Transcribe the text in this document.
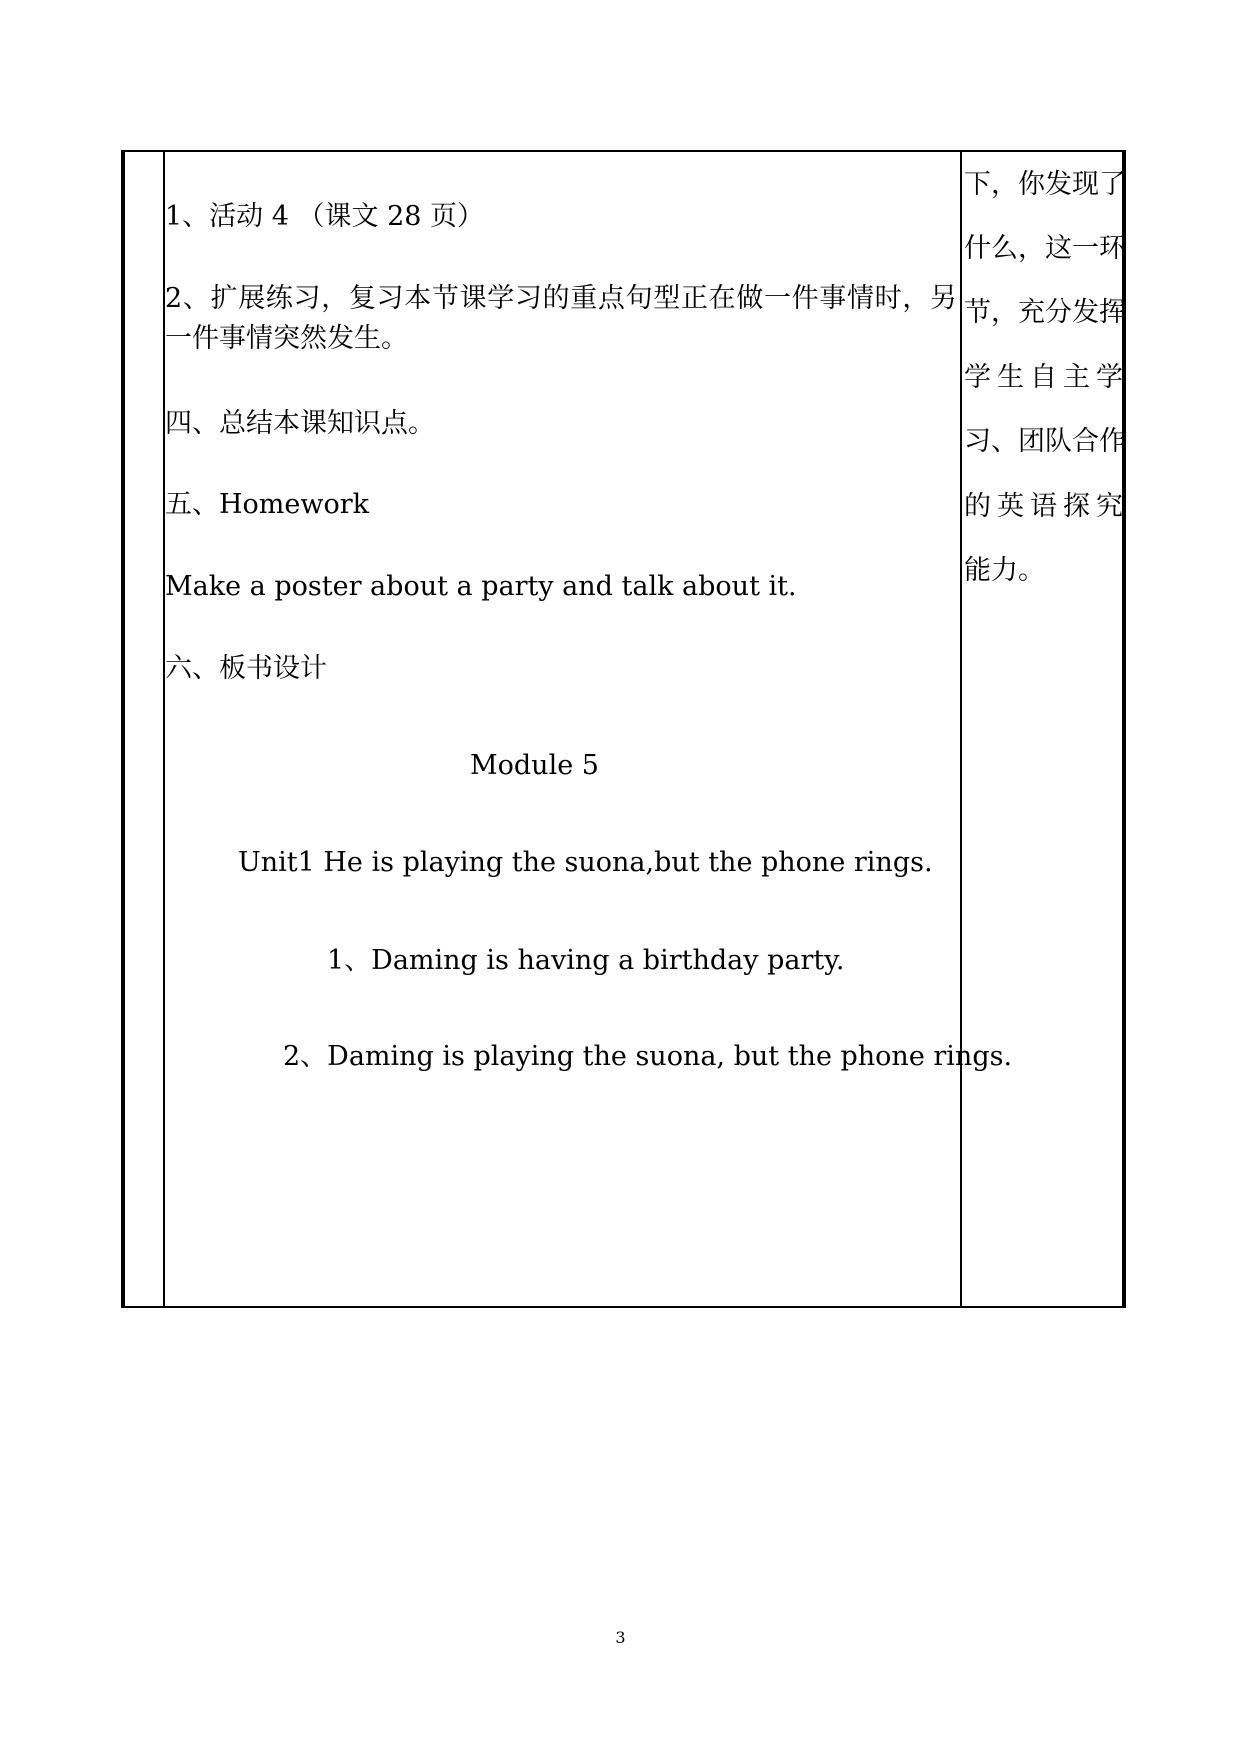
1、活动 4 （课文 28 页）
2、扩展练习，复习本节课学习的重点句型正在做一件事情时，另一件事情突然发生。
四、总结本课知识点。
五、Homework
Make a poster about a party and talk about it.
六、板书设计
Module 5
Unit1 He is playing the suona,but the phone rings.
1、Daming is having a birthday party.
2、Daming is playing the suona, but the phone rings.
下，你发现了
什么，这一环
节，充分发挥
学生自主学
习、团队合作
的英语探究
能力。
3
